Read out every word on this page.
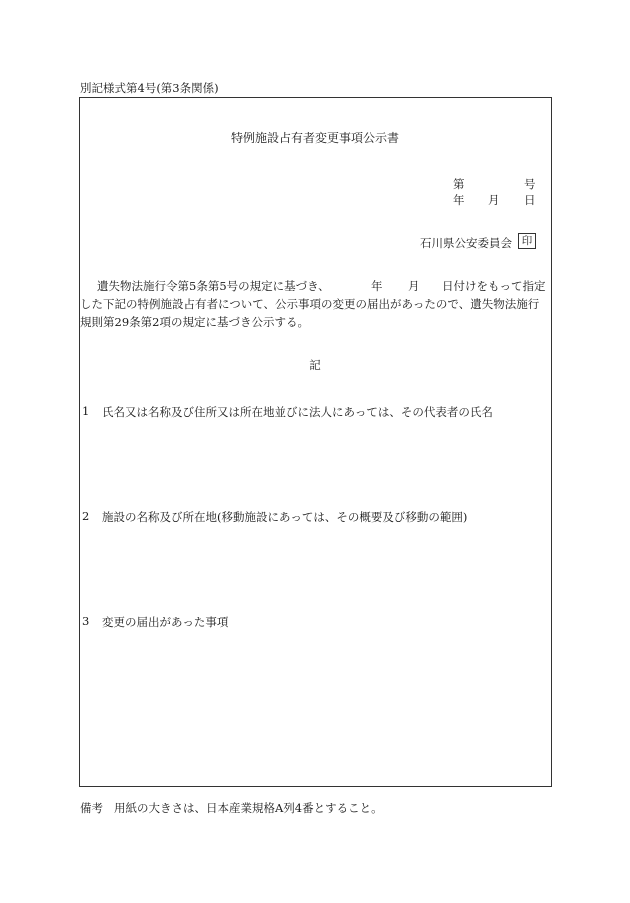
別記様式第4号(第3条関係)
特例施設占有者変更事項公示書
第	号
年 月 日
石川県公安委員会 印
遺失物法施行令第5条第5号の規定に基づき、	年 月 日付けをもって指定
した下記の特例施設占有者について、公示事項の変更の届出があったので、遺失物法施行
規則第29条第2項の規定に基づき公示する。
記
1 氏名又は名称及び住所又は所在地並びに法人にあっては、その代表者の氏名
2 施設の名称及び所在地(移動施設にあっては、その概要及び移動の範囲)
3 変更の届出があった事項
備考 用紙の大きさは、日本産業規格A列4番とすること。
